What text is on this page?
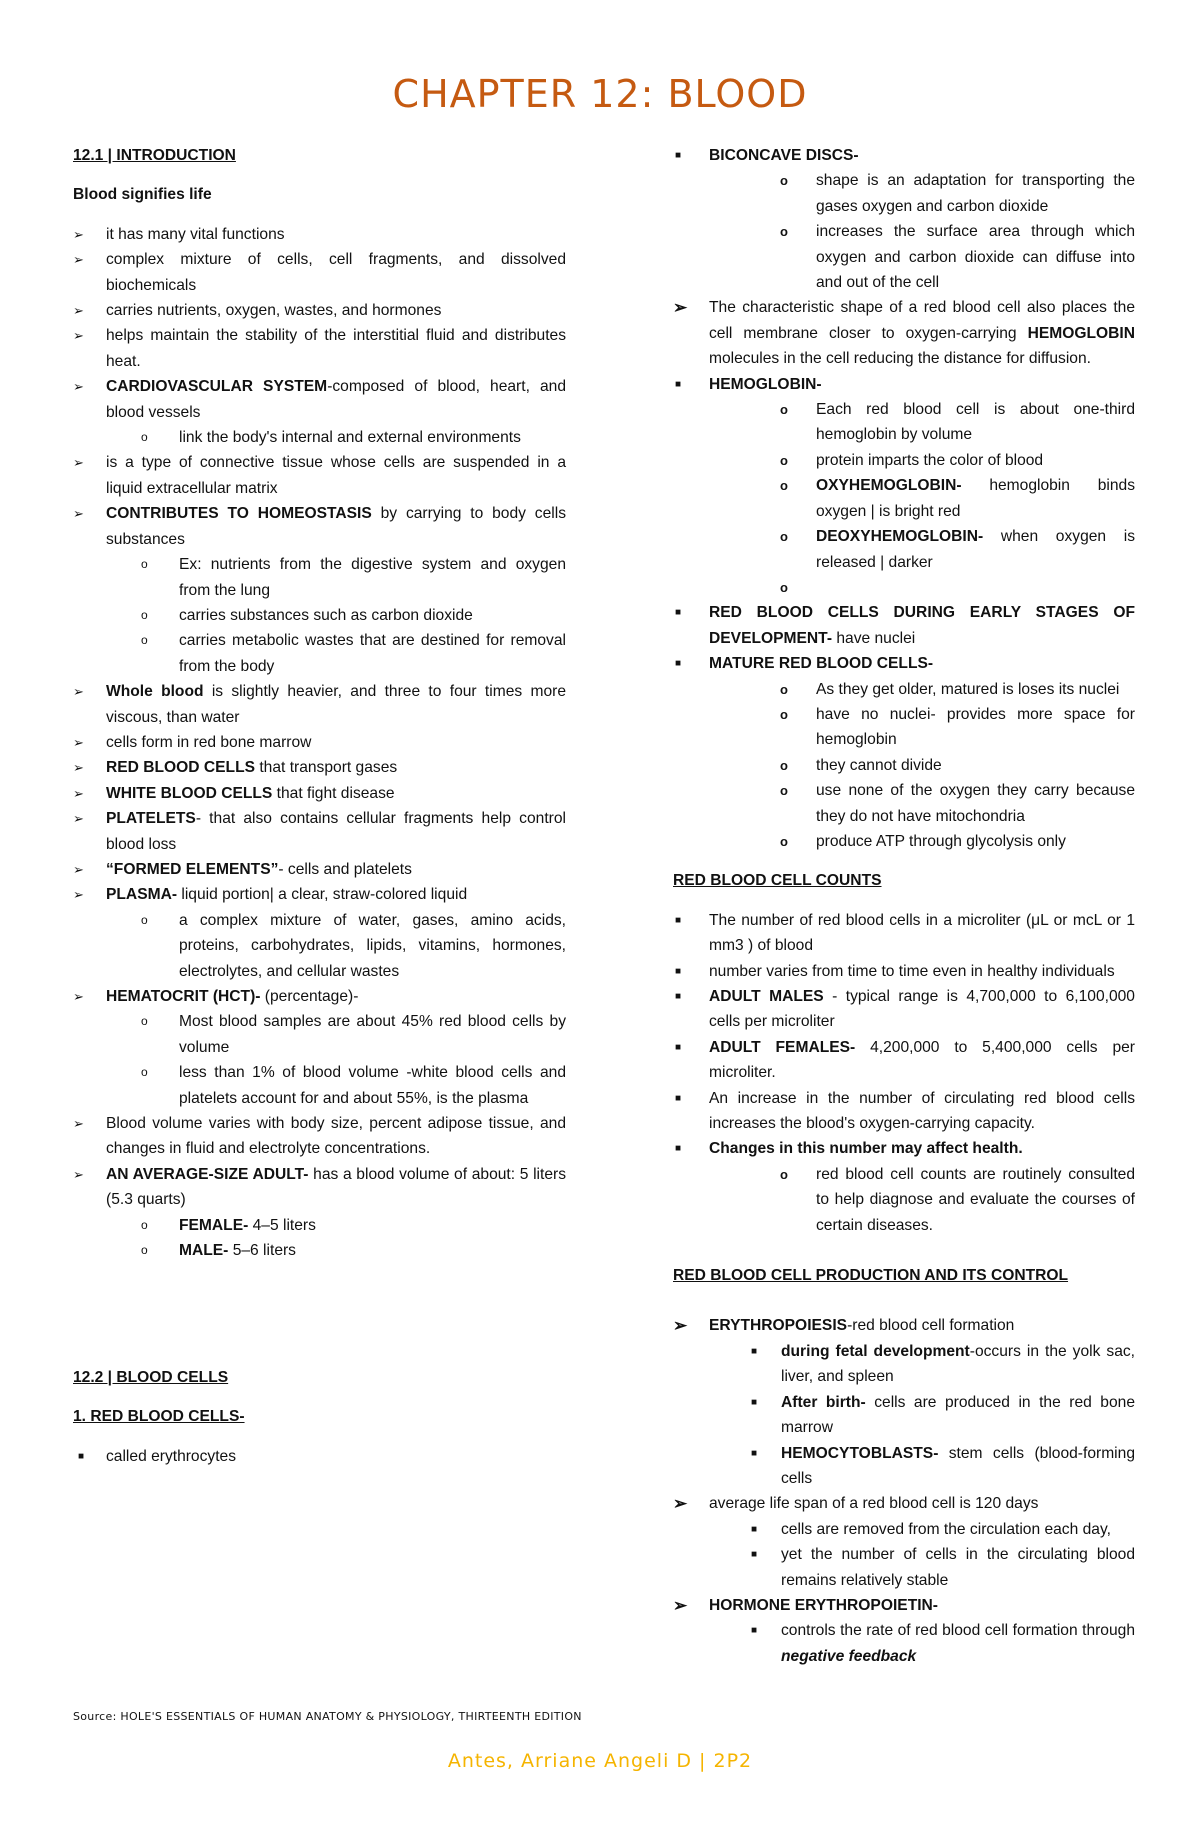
CHAPTER 12: BLOOD
12.1 | INTRODUCTION
Blood signifies life
➢ it has many vital functions
➢ complex mixture of cells, cell fragments, and dissolved biochemicals
➢ carries nutrients, oxygen, wastes, and hormones
➢ helps maintain the stability of the interstitial fluid and distributes heat.
➢ CARDIOVASCULAR SYSTEM-composed of blood, heart, and blood vessels
o link the body's internal and external environments
➢ is a type of connective tissue whose cells are suspended in a liquid extracellular matrix
➢ CONTRIBUTES TO HOMEOSTASIS by carrying to body cells substances
o Ex: nutrients from the digestive system and oxygen from the lung
o carries substances such as carbon dioxide
o carries metabolic wastes that are destined for removal from the body
➢ Whole blood is slightly heavier, and three to four times more viscous, than water
➢ cells form in red bone marrow
➢ RED BLOOD CELLS that transport gases
➢ WHITE BLOOD CELLS that fight disease
➢ PLATELETS- that also contains cellular fragments help control blood loss
➢ “FORMED ELEMENTS”- cells and platelets
➢ PLASMA- liquid portion| a clear, straw-colored liquid
o a complex mixture of water, gases, amino acids, proteins, carbohydrates, lipids, vitamins, hormones, electrolytes, and cellular wastes
➢ HEMATOCRIT (HCT)- (percentage)-
o Most blood samples are about 45% red blood cells by volume
o less than 1% of blood volume -white blood cells and platelets account for and about 55%, is the plasma
➢ Blood volume varies with body size, percent adipose tissue, and changes in fluid and electrolyte concentrations.
➢ AN AVERAGE-SIZE ADULT- has a blood volume of about: 5 liters (5.3 quarts)
o FEMALE- 4–5 liters
o MALE- 5–6 liters
12.2 | BLOOD CELLS
1. RED BLOOD CELLS-
■ called erythrocytes
■ BICONCAVE DISCS-
o shape is an adaptation for transporting the gases oxygen and carbon dioxide
o increases the surface area through which oxygen and carbon dioxide can diffuse into and out of the cell
➢ The characteristic shape of a red blood cell also places the cell membrane closer to oxygen-carrying HEMOGLOBIN molecules in the cell reducing the distance for diffusion.
■ HEMOGLOBIN-
o Each red blood cell is about one-third hemoglobin by volume
o protein imparts the color of blood
o OXYHEMOGLOBIN- hemoglobin binds oxygen | is bright red
o DEOXYHEMOGLOBIN- when oxygen is released | darker
o

■ RED BLOOD CELLS DURING EARLY STAGES OF DEVELOPMENT- have nuclei
■ MATURE RED BLOOD CELLS-
o As they get older, matured is loses its nuclei
o have no nuclei- provides more space for hemoglobin
o they cannot divide
o use none of the oxygen they carry because they do not have mitochondria
o produce ATP through glycolysis only
RED BLOOD CELL COUNTS
■ The number of red blood cells in a microliter (μL or mcL or 1 mm3 ) of blood
■ number varies from time to time even in healthy individuals
■ ADULT MALES - typical range is 4,700,000 to 6,100,000 cells per microliter
■ ADULT FEMALES- 4,200,000 to 5,400,000 cells per microliter.
■ An increase in the number of circulating red blood cells increases the blood's oxygen-carrying capacity.
■ Changes in this number may affect health.
o red blood cell counts are routinely consulted to help diagnose and evaluate the courses of certain diseases.
RED BLOOD CELL PRODUCTION AND ITS CONTROL
➢ ERYTHROPOIESIS-red blood cell formation
■ during fetal development-occurs in the yolk sac, liver, and spleen
■ After birth- cells are produced in the red bone marrow
■ HEMOCYTOBLASTS- stem cells (blood-forming cells
➢ average life span of a red blood cell is 120 days
■ cells are removed from the circulation each day,
■ yet the number of cells in the circulating blood remains relatively stable
➢ HORMONE ERYTHROPOIETIN-
■ controls the rate of red blood cell formation through negative feedback
Source: HOLE'S ESSENTIALS OF HUMAN ANATOMY & PHYSIOLOGY, THIRTEENTH EDITION
Antes, Arriane Angeli D | 2P2
